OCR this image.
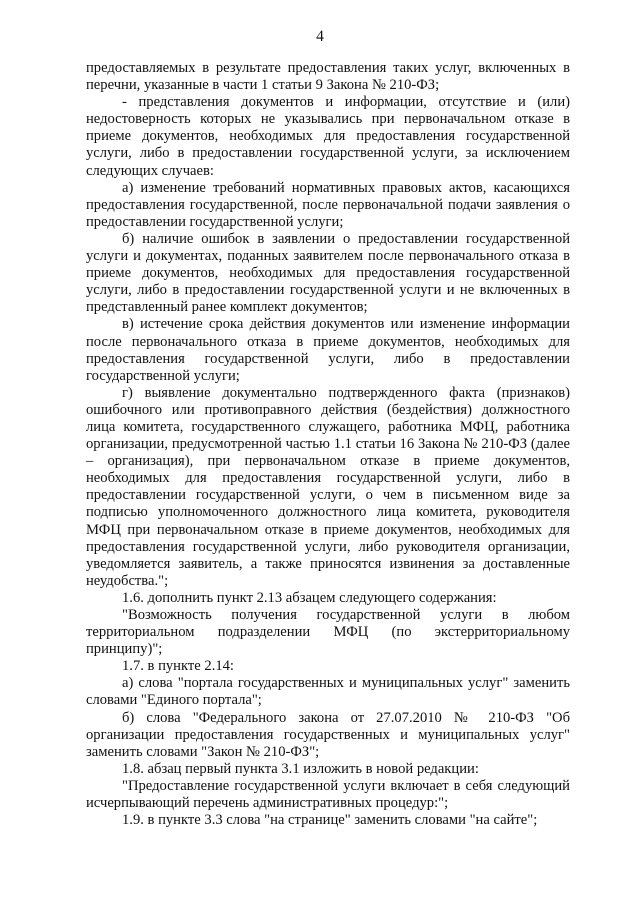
4

предоставляемых в результате предоставления таких услуг, включенных в перечни, указанные в части 1 статьи 9 Закона № 210-ФЗ;

- представления документов и информации, отсутствие и (или) недостоверность которых не указывались при первоначальном отказе в приеме документов, необходимых для предоставления государственной услуги, либо в предоставлении государственной услуги, за исключением следующих случаев:

а) изменение требований нормативных правовых актов, касающихся предоставления государственной, после первоначальной подачи заявления о предоставлении государственной услуги;

б) наличие ошибок в заявлении о предоставлении государственной услуги и документах, поданных заявителем после первоначального отказа в приеме документов, необходимых для предоставления государственной услуги, либо в предоставлении государственной услуги и не включенных в представленный ранее комплект документов;

в) истечение срока действия документов или изменение информации после первоначального отказа в приеме документов, необходимых для предоставления государственной услуги, либо в предоставлении государственной услуги;

г) выявление документально подтвержденного факта (признаков) ошибочного или противоправного действия (бездействия) должностного лица комитета, государственного служащего, работника МФЦ, работника организации, предусмотренной частью 1.1 статьи 16 Закона № 210-ФЗ (далее – организация), при первоначальном отказе в приеме документов, необходимых для предоставления государственной услуги, либо в предоставлении государственной услуги, о чем в письменном виде за подписью уполномоченного должностного лица комитета, руководителя МФЦ при первоначальном отказе в приеме документов, необходимых для предоставления государственной услуги, либо руководителя организации, уведомляется заявитель, а также приносятся извинения за доставленные неудобства.";

1.6. дополнить пункт 2.13 абзацем следующего содержания:

"Возможность получения государственной услуги в любом территориальном подразделении МФЦ (по экстерриториальному принципу)";

1.7. в пункте 2.14:

а) слова "портала государственных и муниципальных услуг" заменить словами "Единого портала";

б) слова "Федерального закона от 27.07.2010 № 210-ФЗ "Об организации предоставления государственных и муниципальных услуг" заменить словами "Закон № 210-ФЗ";

1.8. абзац первый пункта 3.1 изложить в новой редакции:

"Предоставление государственной услуги включает в себя следующий исчерпывающий перечень административных процедур:";

1.9. в пункте 3.3 слова "на странице" заменить словами "на сайте";
